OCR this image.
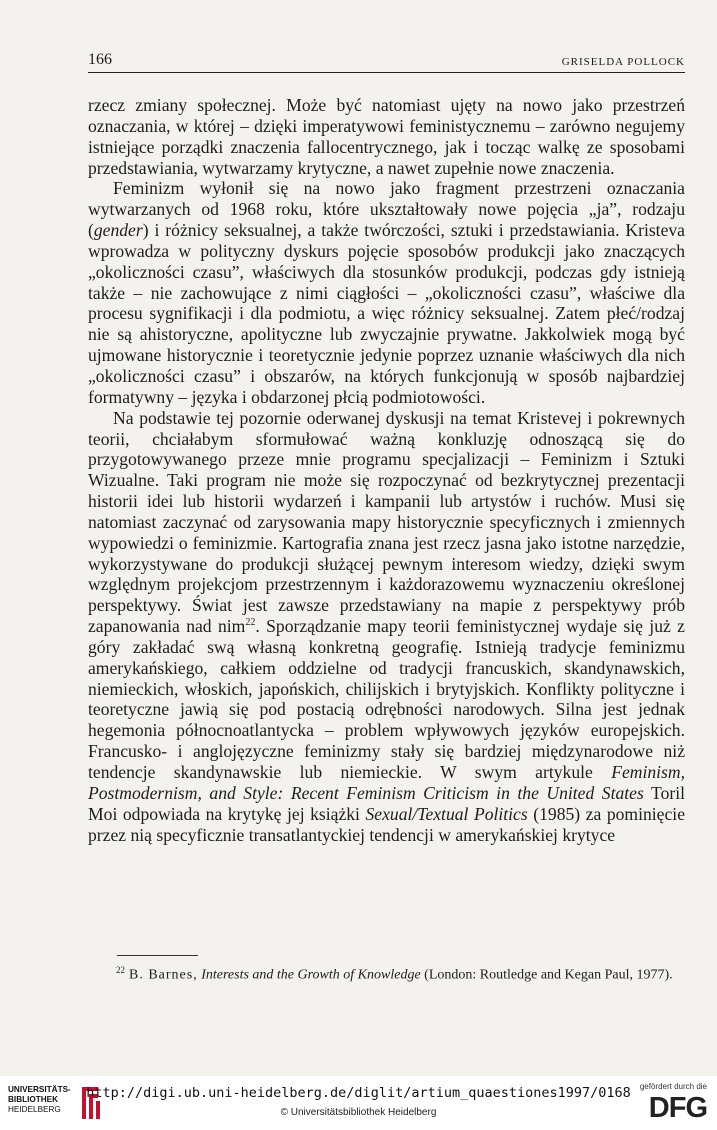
166	GRISELDA POLLOCK

rzecz zmiany społecznej. Może być natomiast ujęty na nowo jako przestrzeń oznaczania, w której – dzięki imperatywowi feministycznemu – zarówno negujemy istniejące porządki znaczenia fallocentrycznego, jak i tocząc walkę ze sposobami przedstawiania, wytwarzamy krytyczne, a nawet zupełnie nowe znaczenia.

Feminizm wyłonił się na nowo jako fragment przestrzeni oznaczania wytwarzanych od 1968 roku, które ukształtowały nowe pojęcia „ja”, rodzaju (gender) i różnicy seksualnej, a także twórczości, sztuki i przedstawiania. Kristeva wprowadza w polityczny dyskurs pojęcie sposobów produkcji jako znaczących „okoliczności czasu”, właściwych dla stosunków produkcji, podczas gdy istnieją także – nie zachowujące z nimi ciągłości – „okoliczności czasu”, właściwe dla procesu sygnifikacji i dla podmiotu, a więc różnicy seksualnej. Zatem płeć/rodzaj nie są ahistoryczne, apolityczne lub zwyczajnie prywatne. Jakkolwiek mogą być ujmowane historycznie i teoretycznie jedynie poprzez uznanie właściwych dla nich „okoliczności czasu” i obszarów, na których funkcjonują w sposób najbardziej formatywny – języka i obdarzonej płcią podmiotowości.

Na podstawie tej pozornie oderwanej dyskusji na temat Kristevej i pokrewnych teorii, chciałabym sformułować ważną konkluzję odnoszącą się do przygotowywanego przeze mnie programu specjalizacji – Feminizm i Sztuki Wizualne. Taki program nie może się rozpoczynać od bezkrytycznej prezentacji historii idei lub historii wydarzeń i kampanii lub artystów i ruchów. Musi się natomiast zaczynać od zarysowania mapy historycznie specyficznych i zmiennych wypowiedzi o feminizmie. Kartografia znana jest rzecz jasna jako istotne narzędzie, wykorzystywane do produkcji służącej pewnym interesom wiedzy, dzięki swym względnym projekcjom przestrzennym i każdorazowemu wyznaczeniu określonej perspektywy. Świat jest zawsze przedstawiany na mapie z perspektywy prób zapanowania nad nim$^{22}$. Sporządzanie mapy teorii feministycznej wydaje się już z góry zakładać swą własną konkretną geografię. Istnieją tradycje feminizmu amerykańskiego, całkiem oddzielne od tradycji francuskich, skandynawskich, niemieckich, włoskich, japońskich, chilijskich i brytyjskich. Konflikty polityczne i teoretyczne jawią się pod postacią odrębności narodowych. Silna jest jednak hegemonia północnoatlantycka – problem wpływowych języków europejskich. Francusko- i anglojęzyczne feminizmy stały się bardziej międzynarodowe niż tendencje skandynawskie lub niemieckie. W swym artykule Feminism, Postmodernism, and Style: Recent Feminism Criticism in the United States Toril Moi odpowiada na krytykę jej książki Sexual/Textual Politics (1985) za pominięcie przez nią specyficznie transatlantyckiej tendencji w amerykańskiej krytyce

$^{22}$ B. Barnes, Interests and the Growth of Knowledge (London: Routledge and Kegan Paul, 1977).
UNIVERSITÄTS-
BIBLIOTHEK
HEIDELBERG
http://digi.ub.uni-heidelberg.de/diglit/artium_quaestiones1997/0168
© Universitätsbibliothek Heidelberg
gefördert durch die
DFG
